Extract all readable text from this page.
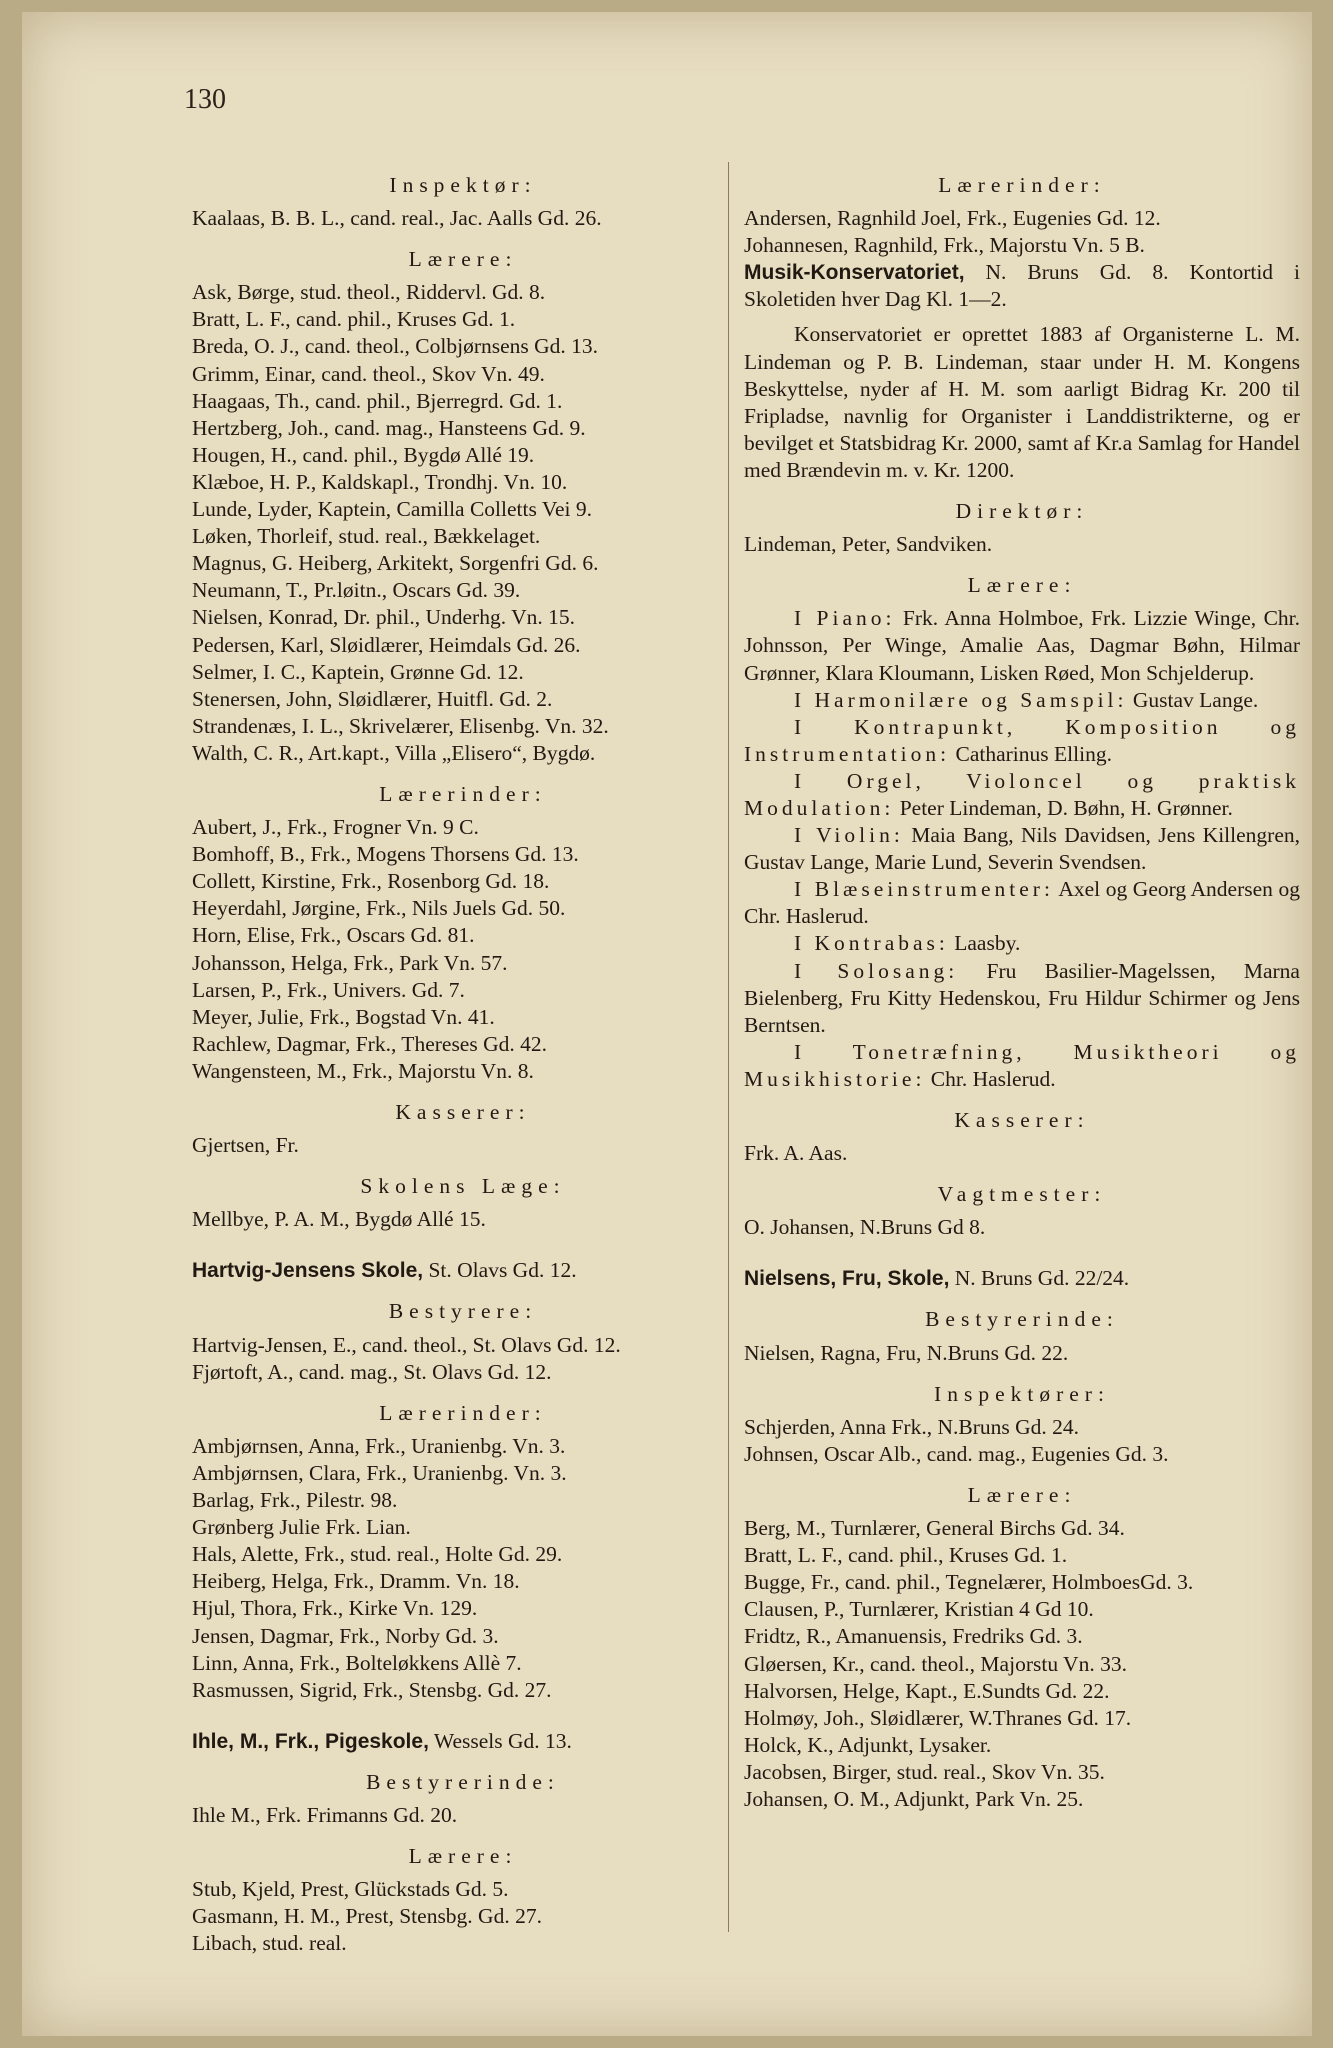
130
Inspektør:
Kaalaas, B. B. L., cand. real., Jac. Aalls Gd. 26.
Lærere:
Ask, Børge, stud. theol., Riddervl. Gd. 8.
Bratt, L. F., cand. phil., Kruses Gd. 1.
Breda, O. J., cand. theol., Colbjørnsens Gd. 13.
Grimm, Einar, cand. theol., Skov Vn. 49.
Haagaas, Th., cand. phil., Bjerregrd. Gd. 1.
Hertzberg, Joh., cand. mag., Hansteens Gd. 9.
Hougen, H., cand. phil., Bygdø Allé 19.
Klæboe, H. P., Kaldskapl., Trondhj. Vn. 10.
Lunde, Lyder, Kaptein, Camilla Colletts Vei 9.
Løken, Thorleif, stud. real., Bækkelaget.
Magnus, G. Heiberg, Arkitekt, Sorgenfri Gd. 6.
Neumann, T., Pr.løitn., Oscars Gd. 39.
Nielsen, Konrad, Dr. phil., Underhg. Vn. 15.
Pedersen, Karl, Sløidlærer, Heimdals Gd. 26.
Selmer, I. C., Kaptein, Grønne Gd. 12.
Stenersen, John, Sløidlærer, Huitfl. Gd. 2.
Strandenæs, I. L., Skrivelærer, Elisenbg. Vn. 32.
Walth, C. R., Art.kapt., Villa „Elisero“, Bygdø.
Lærerinder:
Aubert, J., Frk., Frogner Vn. 9 C.
Bomhoff, B., Frk., Mogens Thorsens Gd. 13.
Collett, Kirstine, Frk., Rosenborg Gd. 18.
Heyerdahl, Jørgine, Frk., Nils Juels Gd. 50.
Horn, Elise, Frk., Oscars Gd. 81.
Johansson, Helga, Frk., Park Vn. 57.
Larsen, P., Frk., Univers. Gd. 7.
Meyer, Julie, Frk., Bogstad Vn. 41.
Rachlew, Dagmar, Frk., Thereses Gd. 42.
Wangensteen, M., Frk., Majorstu Vn. 8.
Kasserer:
Gjertsen, Fr.
Skolens Læge:
Mellbye, P. A. M., Bygdø Allé 15.
Hartvig-Jensens Skole, St. Olavs Gd. 12.
Bestyrere:
Hartvig-Jensen, E., cand. theol., St. Olavs Gd. 12.
Fjørtoft, A., cand. mag., St. Olavs Gd. 12.
Lærerinder:
Ambjørnsen, Anna, Frk., Uranienbg. Vn. 3.
Ambjørnsen, Clara, Frk., Uranienbg. Vn. 3.
Barlag, Frk., Pilestr. 98.
Grønberg Julie Frk. Lian.
Hals, Alette, Frk., stud. real., Holte Gd. 29.
Heiberg, Helga, Frk., Dramm. Vn. 18.
Hjul, Thora, Frk., Kirke Vn. 129.
Jensen, Dagmar, Frk., Norby Gd. 3.
Linn, Anna, Frk., Bolteløkkens Allè 7.
Rasmussen, Sigrid, Frk., Stensbg. Gd. 27.
Ihle, M., Frk., Pigeskole, Wessels Gd. 13.
Bestyrerinde:
Ihle M., Frk. Frimanns Gd. 20.
Lærere:
Stub, Kjeld, Prest, Glückstads Gd. 5.
Gasmann, H. M., Prest, Stensbg. Gd. 27.
Libach, stud. real.
Lærerinder:
Andersen, Ragnhild Joel, Frk., Eugenies Gd. 12.
Johannesen, Ragnhild, Frk., Majorstu Vn. 5 B.
Musik-Konservatoriet, N. Bruns Gd. 8. Kontortid i Skoletiden hver Dag Kl. 1—2.
Konservatoriet er oprettet 1883 af Organisterne L. M. Lindeman og P. B. Lindeman, staar under H. M. Kongens Beskyttelse, nyder af H. M. som aarligt Bidrag Kr. 200 til Fripladse, navnlig for Organister i Landdistrikterne, og er bevilget et Statsbidrag Kr. 2000, samt af Kr.a Samlag for Handel med Brændevin m. v. Kr. 1200.
Direktør:
Lindeman, Peter, Sandviken.
Lærere:
I Piano: Frk. Anna Holmboe, Frk. Lizzie Winge, Chr. Johnsson, Per Winge, Amalie Aas, Dagmar Bøhn, Hilmar Grønner, Klara Kloumann, Lisken Røed, Mon Schjelderup.
I Harmonilære og Samspil: Gustav Lange.
I Kontrapunkt, Komposition og Instrumentation: Catharinus Elling.
I Orgel, Violoncel og praktisk Modulation: Peter Lindeman, D. Bøhn, H. Grønner.
I Violin: Maia Bang, Nils Davidsen, Jens Killengren, Gustav Lange, Marie Lund, Severin Svendsen.
I Blæseinstrumenter: Axel og Georg Andersen og Chr. Haslerud.
I Kontrabas: Laasby.
I Solosang: Fru Basilier-Magelssen, Marna Bielenberg, Fru Kitty Hedenskou, Fru Hildur Schirmer og Jens Berntsen.
I Tonetræfning, Musiktheori og Musikhistorie: Chr. Haslerud.
Kasserer:
Frk. A. Aas.
Vagtmester:
O. Johansen, N.Bruns Gd 8.
Nielsens, Fru, Skole, N. Bruns Gd. 22/24.
Bestyrerinde:
Nielsen, Ragna, Fru, N.Bruns Gd. 22.
Inspektører:
Schjerden, Anna Frk., N.Bruns Gd. 24.
Johnsen, Oscar Alb., cand. mag., Eugenies Gd. 3.
Lærere:
Berg, M., Turnlærer, General Birchs Gd. 34.
Bratt, L. F., cand. phil., Kruses Gd. 1.
Bugge, Fr., cand. phil., Tegnelærer, HolmboesGd. 3.
Clausen, P., Turnlærer, Kristian 4 Gd 10.
Fridtz, R., Amanuensis, Fredriks Gd. 3.
Gløersen, Kr., cand. theol., Majorstu Vn. 33.
Halvorsen, Helge, Kapt., E.Sundts Gd. 22.
Holmøy, Joh., Sløidlærer, W.Thranes Gd. 17.
Holck, K., Adjunkt, Lysaker.
Jacobsen, Birger, stud. real., Skov Vn. 35.
Johansen, O. M., Adjunkt, Park Vn. 25.
